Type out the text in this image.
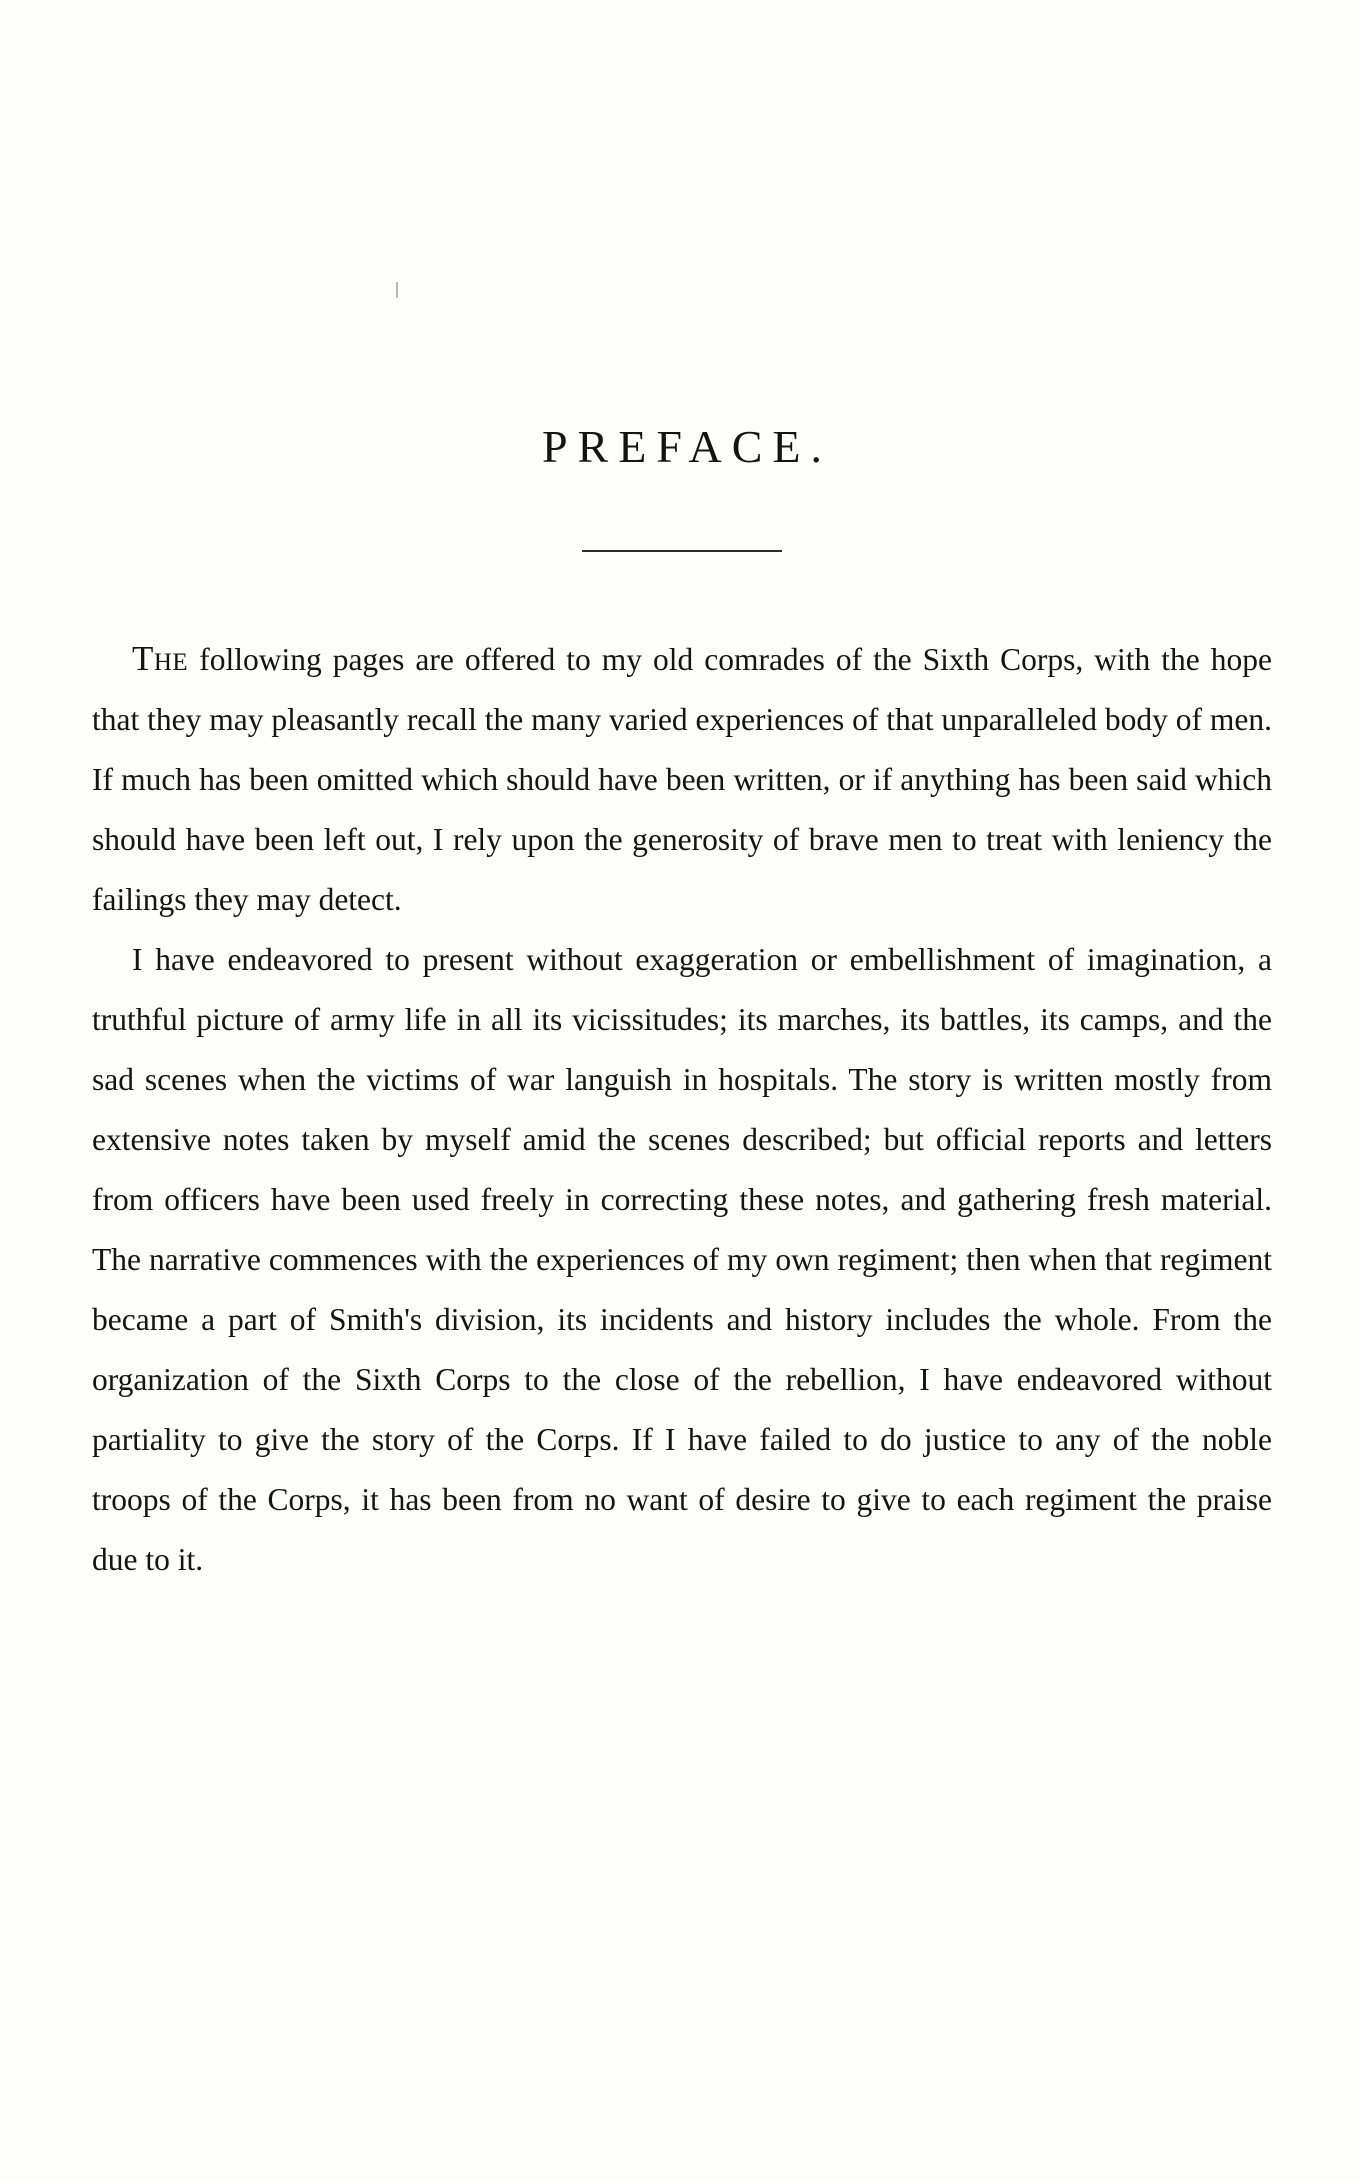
PREFACE.

The following pages are offered to my old comrades of the Sixth Corps, with the hope that they may pleasantly recall the many varied experiences of that unparalleled body of men. If much has been omitted which should have been written, or if anything has been said which should have been left out, I rely upon the generosity of brave men to treat with leniency the failings they may detect.

I have endeavored to present without exaggeration or embellishment of imagination, a truthful picture of army life in all its vicissitudes; its marches, its battles, its camps, and the sad scenes when the victims of war languish in hospitals. The story is written mostly from extensive notes taken by myself amid the scenes described; but official reports and letters from officers have been used freely in correcting these notes, and gathering fresh material. The narrative commences with the experiences of my own regiment; then when that regiment became a part of Smith's division, its incidents and history includes the whole. From the organization of the Sixth Corps to the close of the rebellion, I have endeavored without partiality to give the story of the Corps. If I have failed to do justice to any of the noble troops of the Corps, it has been from no want of desire to give to each regiment the praise due to it.
